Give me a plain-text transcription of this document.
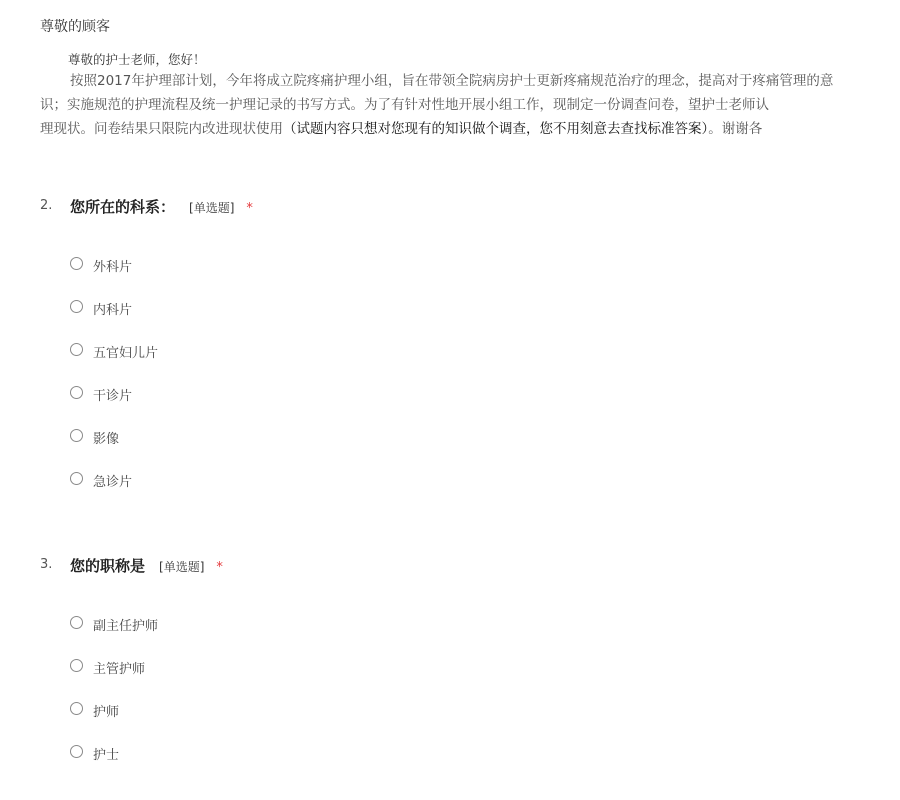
尊敬的顾客
尊敬的护士老师，您好！
按照2017年护理部计划，今年将成立院疼痛护理小组，旨在带领全院病房护士更新疼痛规范治疗的理念，提高对于疼痛管理的意
识；实施规范的护理流程及统一护理记录的书写方式。为了有针对性地开展小组工作，现制定一份调查问卷，望护士老师认
理现状。问卷结果只限院内改进现状使用（试题内容只想对您现有的知识做个调查，您不用刻意去查找标准答案）。谢谢各
2. 您所在的科系： [单选题] *
外科片
内科片
五官妇儿片
干诊片
影像
急诊片
3. 您的职称是 [单选题] *
副主任护师
主管护师
护师
护士
